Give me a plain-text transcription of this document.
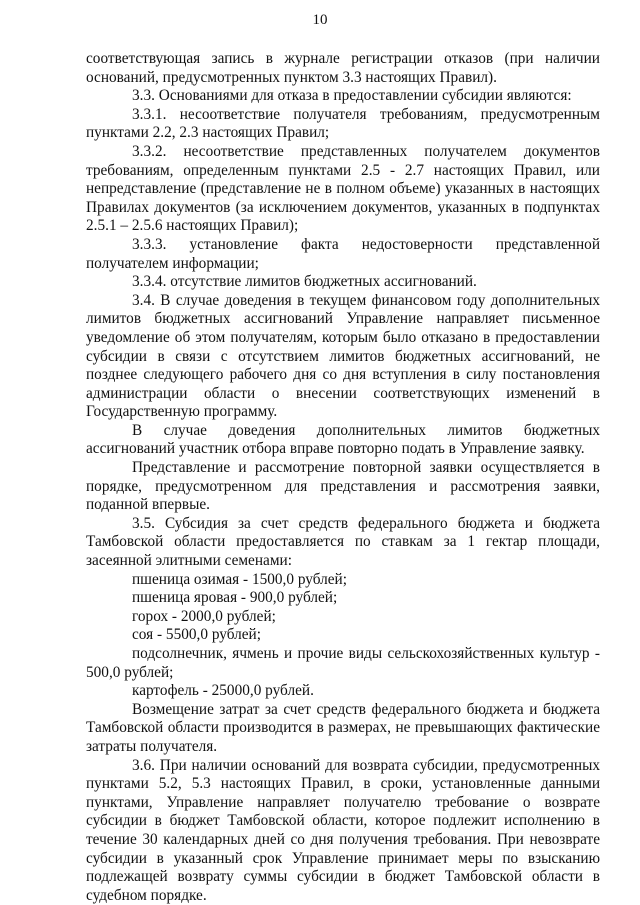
10

соответствующая запись в журнале регистрации отказов (при наличии оснований, предусмотренных пунктом 3.3 настоящих Правил).

3.3. Основаниями для отказа в предоставлении субсидии являются:

3.3.1. несоответствие получателя требованиям, предусмотренным пунктами 2.2, 2.3 настоящих Правил;

3.3.2. несоответствие представленных получателем документов требованиям, определенным пунктами 2.5 - 2.7 настоящих Правил, или непредставление (представление не в полном объеме) указанных в настоящих Правилах документов (за исключением документов, указанных в подпунктах 2.5.1 – 2.5.6 настоящих Правил);

3.3.3. установление факта недостоверности представленной получателем информации;

3.3.4. отсутствие лимитов бюджетных ассигнований.

3.4. В случае доведения в текущем финансовом году дополнительных лимитов бюджетных ассигнований Управление направляет письменное уведомление об этом получателям, которым было отказано в предоставлении субсидии в связи с отсутствием лимитов бюджетных ассигнований, не позднее следующего рабочего дня со дня вступления в силу постановления администрации области о внесении соответствующих изменений в Государственную программу.

В случае доведения дополнительных лимитов бюджетных ассигнований участник отбора вправе повторно подать в Управление заявку.

Представление и рассмотрение повторной заявки осуществляется в порядке, предусмотренном для представления и рассмотрения заявки, поданной впервые.

3.5. Субсидия за счет средств федерального бюджета и бюджета Тамбовской области предоставляется по ставкам за 1 гектар площади, засеянной элитными семенами:

пшеница озимая - 1500,0 рублей;

пшеница яровая - 900,0 рублей;

горох - 2000,0 рублей;

соя - 5500,0 рублей;

подсолнечник, ячмень и прочие виды сельскохозяйственных культур - 500,0 рублей;

картофель - 25000,0 рублей.

Возмещение затрат за счет средств федерального бюджета и бюджета Тамбовской области производится в размерах, не превышающих фактические затраты получателя.

3.6. При наличии оснований для возврата субсидии, предусмотренных пунктами 5.2, 5.3 настоящих Правил, в сроки, установленные данными пунктами, Управление направляет получателю требование о возврате субсидии в бюджет Тамбовской области, которое подлежит исполнению в течение 30 календарных дней со дня получения требования. При невозврате субсидии в указанный срок Управление принимает меры по взысканию подлежащей возврату суммы субсидии в бюджет Тамбовской области в судебном порядке.
